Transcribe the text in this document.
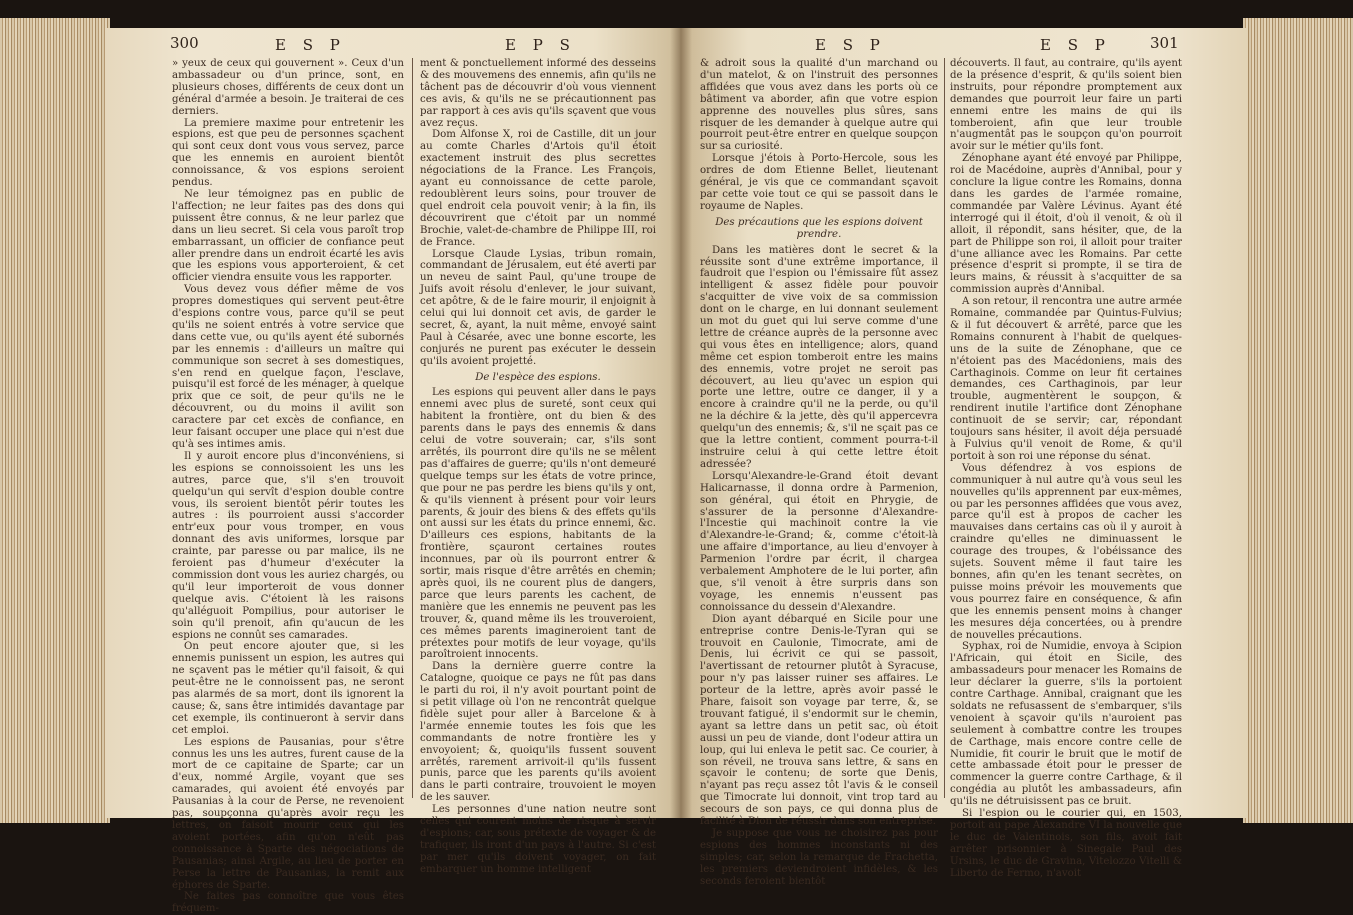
300	E S P	E P S	E S P	E S P	301

» yeux de ceux qui gouvernent ». Ceux d'un ambassadeur ou d'un prince, sont, en plusieurs choses, différents de ceux dont un général d'armée a besoin. Je traiterai de ces derniers.

La premiere maxime pour entretenir les espions, est que peu de personnes sçachent qui sont ceux dont vous vous servez, parce que les ennemis en auroient bientôt connoissance, & vos espions seroient pendus.

Ne leur témoignez pas en public de l'affection; ne leur faites pas des dons qui puissent être connus, & ne leur parlez que dans un lieu secret. Si cela vous paroît trop embarrassant, un officier de confiance peut aller prendre dans un endroit écarté les avis que les espions vous apporteroient, & cet officier viendra ensuite vous les rapporter.

Vous devez vous défier même de vos propres domestiques qui servent peut-être d'espions contre vous, parce qu'il se peut qu'ils ne soient entrés à votre service que dans cette vue, ou qu'ils ayent été subornés par les ennemis : d'ailleurs un maître qui communique son secret à ses domestiques, s'en rend en quelque façon, l'esclave, puisqu'il est forcé de les ménager, à quelque prix que ce soit, de peur qu'ils ne le découvrent, ou du moins il avilit son caractere par cet excès de confiance, en leur faisant occuper une place qui n'est due qu'à ses intimes amis.

Il y auroit encore plus d'inconvéniens, si les espions se connoissoient les uns les autres, parce que, s'il s'en trouvoit quelqu'un qui servît d'espion double contre vous, ils seroient bientôt périr toutes les autres : ils pourroient aussi s'accorder entr'eux pour vous tromper, en vous donnant des avis uniformes, lorsque par crainte, par paresse ou par malice, ils ne feroient pas d'humeur d'exécuter la commission dont vous les auriez chargés, ou qu'il leur importeroit de vous donner quelque avis. C'étoient là les raisons qu'alléguoit Pompilius, pour autoriser le soin qu'il prenoit, afin qu'aucun de les espions ne connût ses camarades.

On peut encore ajouter que, si les ennemis punissent un espion, les autres qui ne sçavent pas le métier qu'il faisoit, & qui peut-être ne le connoissent pas, ne seront pas alarmés de sa mort, dont ils ignorent la cause; &, sans être intimidés davantage par cet exemple, ils continueront à servir dans cet emploi.

Les espions de Pausanias, pour s'être connus les uns les autres, furent cause de la mort de ce capitaine de Sparte; car un d'eux, nommé Argile, voyant que ses camarades, qui avoient été envoyés par Pausanias à la cour de Perse, ne revenoient pas, soupçonna qu'après avoir reçu les lettres, on faisoit mourir ceux qui les avoient portées, afin qu'on n'eût pas connoissance à Sparte des négociations de Pausanias; ainsi Argile, au lieu de porter en Perse la lettre de Pausanias, la remit aux éphores de Sparte.

Ne faites pas connoître que vous êtes fréquem-

ment & ponctuellement informé des desseins & des mouvemens des ennemis, afin qu'ils ne tâchent pas de découvrir d'où vous viennent ces avis, & qu'ils ne se précautionnent pas par rapport à ces avis qu'ils sçavent que vous avez reçus.

Dom Alfonse X, roi de Castille, dit un jour au comte Charles d'Artois qu'il étoit exactement instruit des plus secrettes négociations de la France. Les François, ayant eu connoissance de cette parole, redoublèrent leurs soins, pour trouver de quel endroit cela pouvoit venir; à la fin, ils découvrirent que c'étoit par un nommé Brochie, valet-de-chambre de Philippe III, roi de France.

Lorsque Claude Lysias, tribun romain, commandant de Jérusalem, eut été averti par un neveu de saint Paul, qu'une troupe de Juifs avoit résolu d'enlever, le jour suivant, cet apôtre, & de le faire mourir, il enjoignit à celui qui lui donnoit cet avis, de garder le secret, &, ayant, la nuit même, envoyé saint Paul à Césarée, avec une bonne escorte, les conjurés ne purent pas exécuter le dessein qu'ils avoient projetté.

De l'espèce des espions.

Les espions qui peuvent aller dans le pays ennemi avec plus de sureté, sont ceux qui habitent la frontière, ont du bien & des parents dans le pays des ennemis & dans celui de votre souverain; car, s'ils sont arrêtés, ils pourront dire qu'ils ne se mêlent pas d'affaires de guerre; qu'ils n'ont demeuré quelque temps sur les états de votre prince, que pour ne pas perdre les biens qu'ils y ont, & qu'ils viennent à présent pour voir leurs parents, & jouir des biens & des effets qu'ils ont aussi sur les états du prince ennemi, &c. D'ailleurs ces espions, habitants de la frontière, sçauront certaines routes inconnues, par où ils pourront entrer & sortir, mais risque d'être arrêtés en chemin; après quoi, ils ne courent plus de dangers, parce que leurs parents les cachent, de manière que les ennemis ne peuvent pas les trouver, &, quand même ils les trouveroient, ces mêmes parents imagineroient tant de prétextes pour motifs de leur voyage, qu'ils paroîtroient innocents.

Dans la dernière guerre contre la Catalogne, quoique ce pays ne fût pas dans le parti du roi, il n'y avoit pourtant point de si petit village où l'on ne rencontrât quelque fidèle sujet pour aller à Barcelone & à l'armée ennemie toutes les fois que les commandants de notre frontière les y envoyoient; &, quoiqu'ils fussent souvent arrêtés, rarement arrivoit-il qu'ils fussent punis, parce que les parents qu'ils avoient dans le parti contraire, trouvoient le moyen de les sauver.

Les personnes d'une nation neutre sont celles qui courent moins de risque à servir d'espions; car, sous prétexte de voyager & de trafiquer, ils iront d'un pays à l'autre. Si c'est par mer qu'ils doivent voyager, on fait embarquer un homme intelligent

& adroit sous la qualité d'un marchand ou d'un matelot, & on l'instruit des personnes affidées que vous avez dans les ports où ce bâtiment va aborder, afin que votre espion apprenne des nouvelles plus sûres, sans risquer de les demander à quelque autre qui pourroit peut-être entrer en quelque soupçon sur sa curiosité.

Lorsque j'étois à Porto-Hercole, sous les ordres de dom Etienne Bellet, lieutenant général, je vis que ce commandant sçavoit par cette voie tout ce qui se passoit dans le royaume de Naples.

Des précautions que les espions doivent prendre.

Dans les matières dont le secret & la réussite sont d'une extrême importance, il faudroit que l'espion ou l'émissaire fût assez intelligent & assez fidèle pour pouvoir s'acquitter de vive voix de sa commission dont on le charge, en lui donnant seulement un mot du guet qui lui serve comme d'une lettre de créance auprès de la personne avec qui vous êtes en intelligence; alors, quand même cet espion tomberoit entre les mains des ennemis, votre projet ne seroit pas découvert, au lieu qu'avec un espion qui porte une lettre, outre ce danger, il y a encore à craindre qu'il ne la perde, ou qu'il ne la déchire & la jette, dès qu'il appercevra quelqu'un des ennemis; &, s'il ne sçait pas ce que la lettre contient, comment pourra-t-il instruire celui à qui cette lettre étoit adressée?

Lorsqu'Alexandre-le-Grand étoit devant Halicarnasse, il donna ordre à Parmenion, son général, qui étoit en Phrygie, de s'assurer de la personne d'Alexandre-l'Incestie qui machinoit contre la vie d'Alexandre-le-Grand; &, comme c'étoit-là une affaire d'importance, au lieu d'envoyer à Parmenion l'ordre par écrit, il chargea verbalement Amphotere de le lui porter, afin que, s'il venoit à être surpris dans son voyage, les ennemis n'eussent pas connoissance du dessein d'Alexandre.

Dion ayant débarqué en Sicile pour une entreprise contre Denis-le-Tyran qui se trouvoit en Caulonie, Timocrate, ami de Denis, lui écrivit ce qui se passoit, l'avertissant de retourner plutôt à Syracuse, pour n'y pas laisser ruiner ses affaires. Le porteur de la lettre, après avoir passé le Phare, faisoit son voyage par terre, &, se trouvant fatigué, il s'endormit sur le chemin, ayant sa lettre dans un petit sac, où étoit aussi un peu de viande, dont l'odeur attira un loup, qui lui enleva le petit sac. Ce courier, à son réveil, ne trouva sans lettre, & sans en sçavoir le contenu; de sorte que Denis, n'ayant pas reçu assez tôt l'avis & le conseil que Timocrate lui donnoit, vint trop tard au secours de son pays, ce qui donna plus de facilité à Dion de réussir dans son entreprise.

Je suppose que vous ne choisirez pas pour espions des hommes inconstants ni des simples; car, selon la remarque de Frachetta, les premiers deviendroient infidèles, & les seconds feroient bientôt

découverts. Il faut, au contraire, qu'ils ayent de la présence d'esprit, & qu'ils soient bien instruits, pour répondre promptement aux demandes que pourroit leur faire un parti ennemi entre les mains de qui ils tomberoient, afin que leur trouble n'augmentât pas le soupçon qu'on pourroit avoir sur le métier qu'ils font.

Zénophane ayant été envoyé par Philippe, roi de Macédoine, auprès d'Annibal, pour y conclure la ligue contre les Romains, donna dans les gardes de l'armée romaine, commandée par Valère Lévinus. Ayant été interrogé qui il étoit, d'où il venoit, & où il alloit, il répondit, sans hésiter, que, de la part de Philippe son roi, il alloit pour traiter d'une alliance avec les Romains. Par cette présence d'esprit si prompte, il se tira de leurs mains, & réussit à s'acquitter de sa commission auprès d'Annibal.

A son retour, il rencontra une autre armée Romaine, commandée par Quintus-Fulvius; & il fut découvert & arrêté, parce que les Romains connurent à l'habit de quelques-uns de la suite de Zénophane, que ce n'étoient pas des Macédoniens, mais des Carthaginois. Comme on leur fit certaines demandes, ces Carthaginois, par leur trouble, augmentèrent le soupçon, & rendirent inutile l'artifice dont Zénophane continuoit de se servir; car, répondant toujours sans hésiter, il avoit déja persuadé à Fulvius qu'il venoit de Rome, & qu'il portoit à son roi une réponse du sénat.

Vous défendrez à vos espions de communiquer à nul autre qu'à vous seul les nouvelles qu'ils apprennent par eux-mêmes, ou par les personnes affidées que vous avez, parce qu'il est à propos de cacher les mauvaises dans certains cas où il y auroit à craindre qu'elles ne diminuassent le courage des troupes, & l'obéissance des sujets. Souvent même il faut taire les bonnes, afin qu'en les tenant secrètes, on puisse moins prévoir les mouvements que vous pourrez faire en conséquence, & afin que les ennemis pensent moins à changer les mesures déja concertées, ou à prendre de nouvelles précautions.

Syphax, roi de Numidie, envoya à Scipion l'Africain, qui étoit en Sicile, des ambassadeurs pour menacer les Romains de leur déclarer la guerre, s'ils la portoient contre Carthage. Annibal, craignant que les soldats ne refusassent de s'embarquer, s'ils venoient à sçavoir qu'ils n'auroient pas seulement à combattre contre les troupes de Carthage, mais encore contre celle de Numidie, fit courir le bruit que le motif de cette ambassade étoit pour le presser de commencer la guerre contre Carthage, & il congédia au plutôt les ambassadeurs, afin qu'ils ne détruisissent pas ce bruit.

Si l'espion ou le courier qui, en 1503, portoit au pape Alexandre VI la nouvelle que le duc de Valentinois, son fils, avoit fait arrêter prisonnier à Sinegale Paul des Ursins, le duc de Gravina, Vitelozzo Vitelli & Liberto de Fermo, n'avoit
